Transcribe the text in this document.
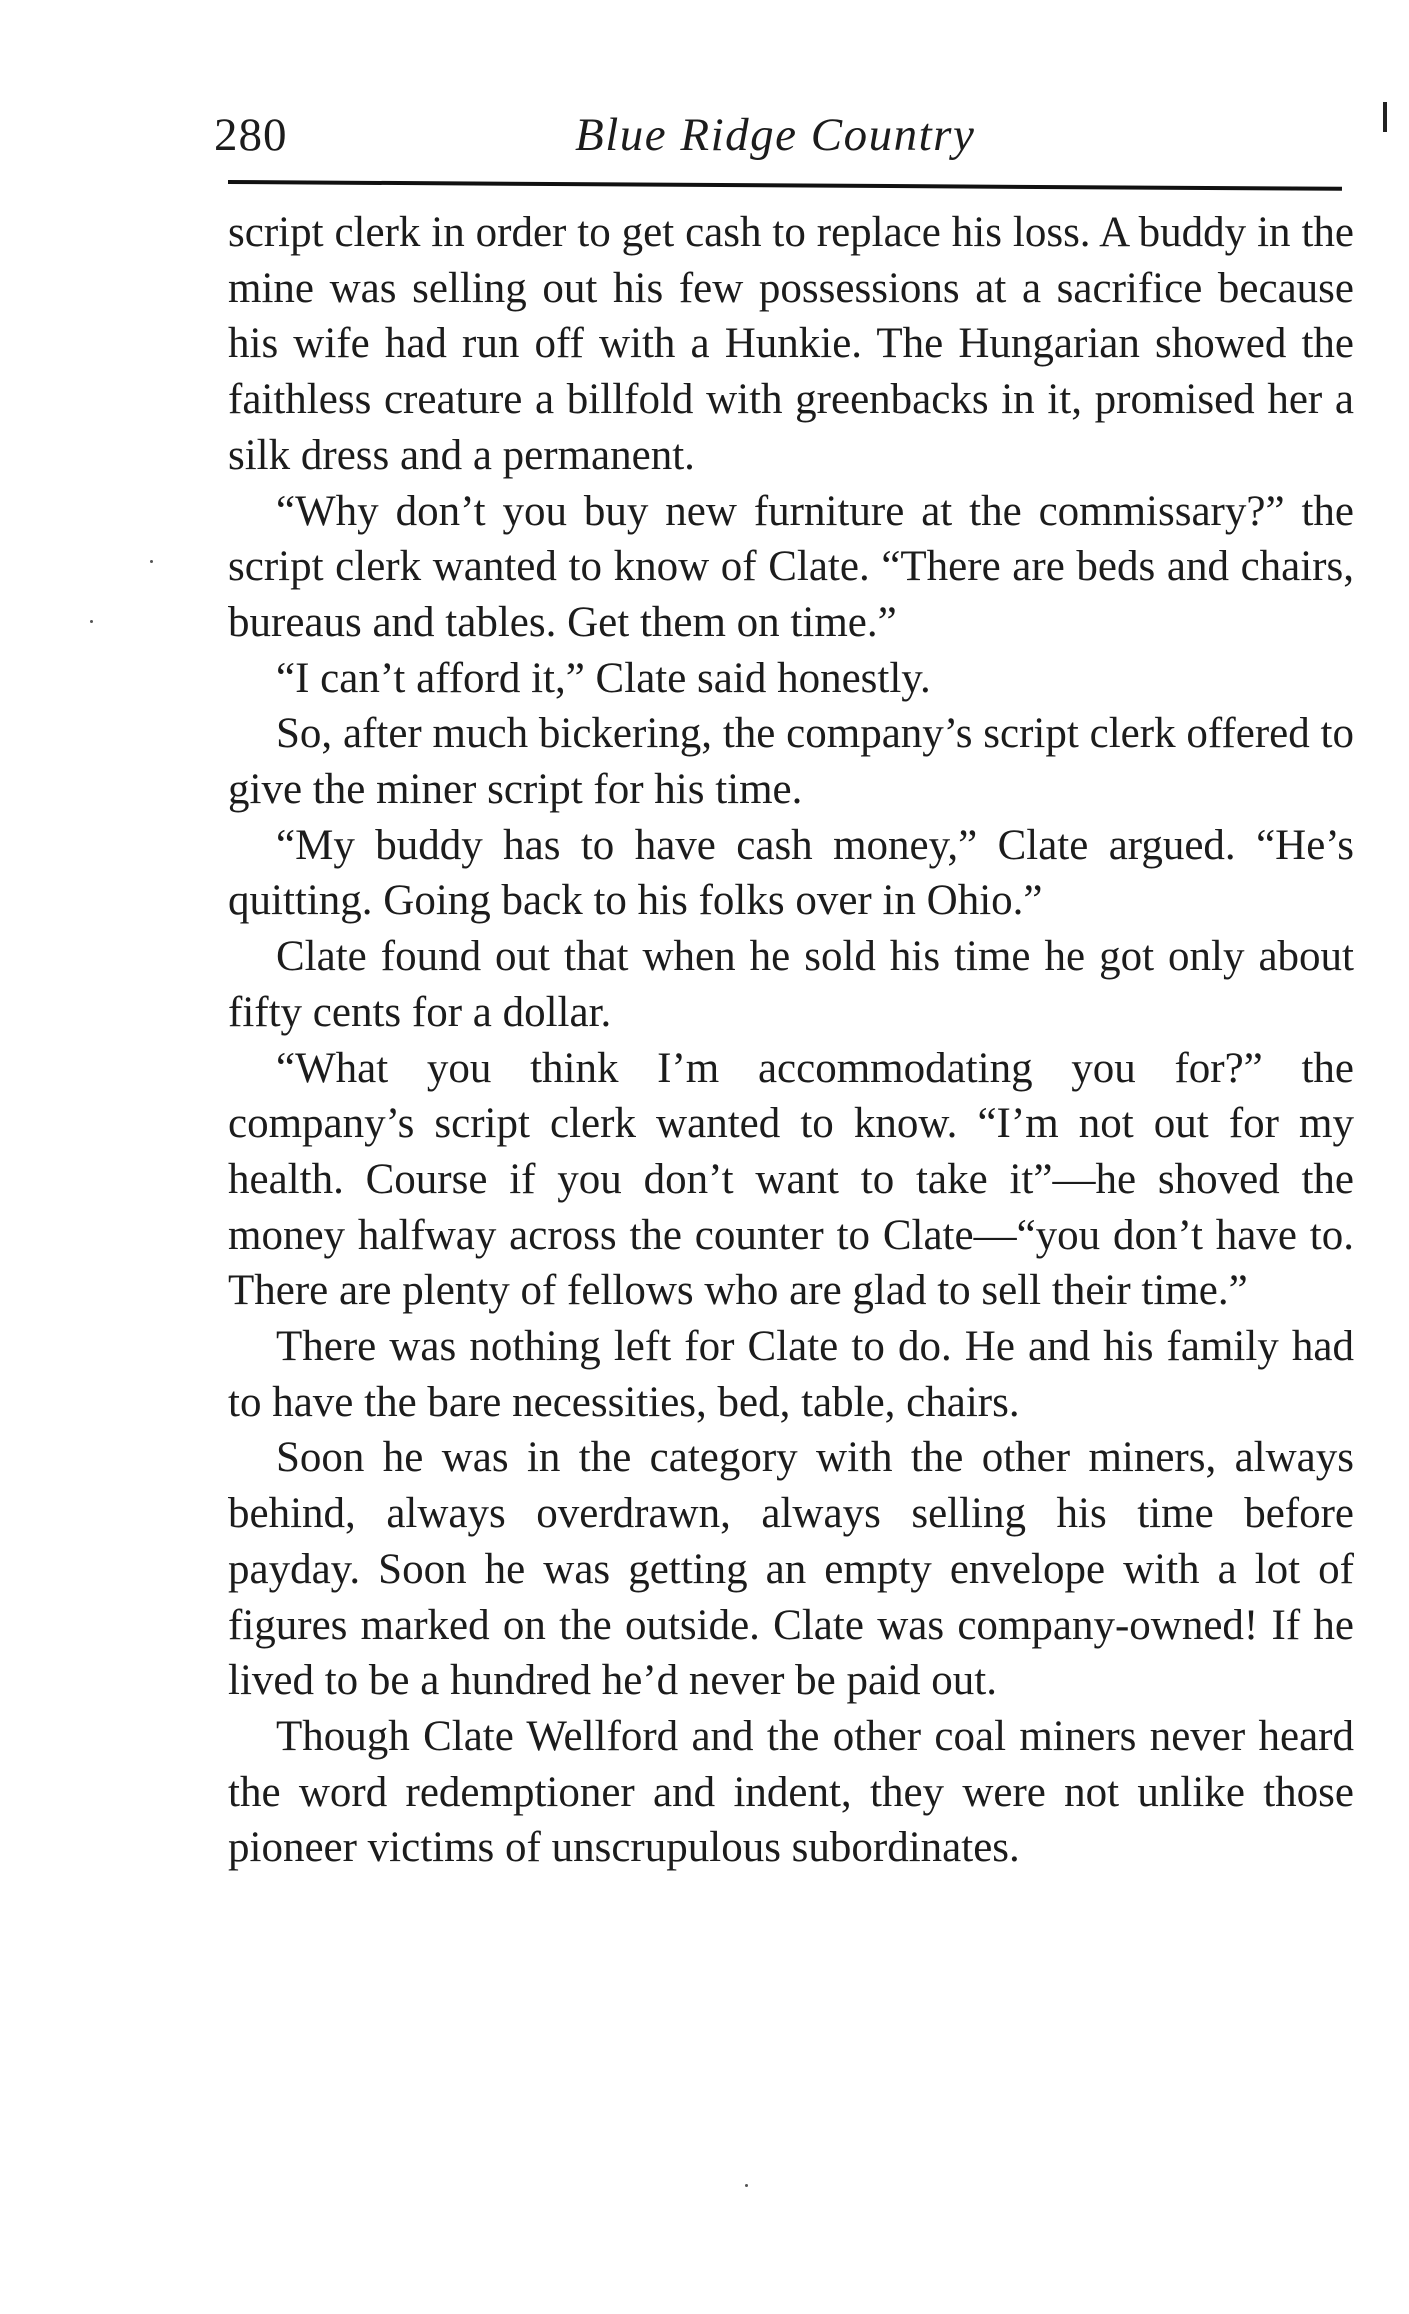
280	Blue Ridge Country

script clerk in order to get cash to replace his loss. A buddy in the mine was selling out his few possessions at a sacrifice because his wife had run off with a Hunkie. The Hungarian showed the faithless creature a billfold with greenbacks in it, promised her a silk dress and a permanent.

“Why don’t you buy new furniture at the commissary?” the script clerk wanted to know of Clate. “There are beds and chairs, bureaus and tables. Get them on time.”

“I can’t afford it,” Clate said honestly.

So, after much bickering, the company’s script clerk offered to give the miner script for his time.

“My buddy has to have cash money,” Clate argued. “He’s quitting. Going back to his folks over in Ohio.”

Clate found out that when he sold his time he got only about fifty cents for a dollar.

“What you think I’m accommodating you for?” the company’s script clerk wanted to know. “I’m not out for my health. Course if you don’t want to take it”—he shoved the money halfway across the counter to Clate—“you don’t have to. There are plenty of fellows who are glad to sell their time.”

There was nothing left for Clate to do. He and his family had to have the bare necessities, bed, table, chairs.

Soon he was in the category with the other miners, always behind, always overdrawn, always selling his time before payday. Soon he was getting an empty envelope with a lot of figures marked on the outside. Clate was company-owned! If he lived to be a hundred he’d never be paid out.

Though Clate Wellford and the other coal miners never heard the word redemptioner and indent, they were not unlike those pioneer victims of unscrupulous subordinates.
